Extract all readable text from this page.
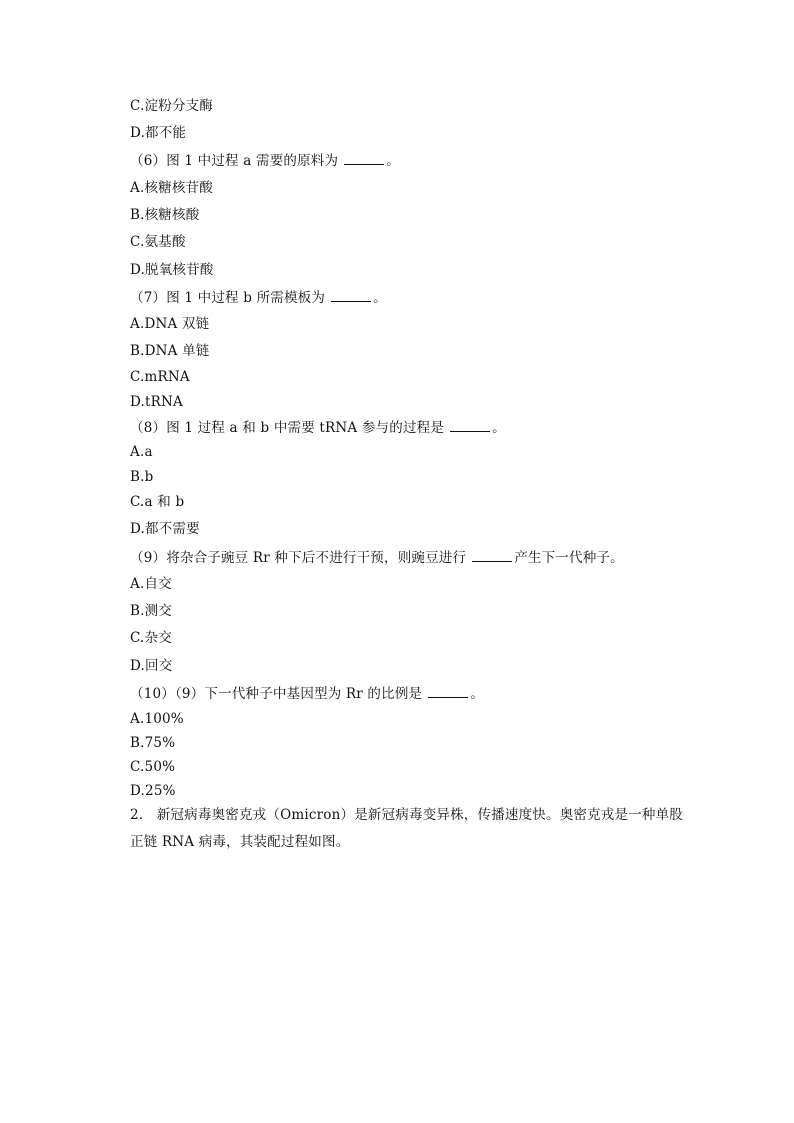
C.淀粉分支酶
D.都不能
（6）图 1 中过程 a 需要的原料为	。
A.核糖核苷酸
B.核糖核酸
C.氨基酸
D.脱氧核苷酸
（7）图 1 中过程 b 所需模板为	。
A.DNA 双链
B.DNA 单链
C.mRNA
D.tRNA
（8）图 1 过程 a 和 b 中需要 tRNA 参与的过程是	。
A.a
B.b
C.a 和 b
D.都不需要
（9）将杂合子豌豆 Rr 种下后不进行干预，则豌豆进行	产生下一代种子。
A.自交
B.测交
C.杂交
D.回交
（10）（9）下一代种子中基因型为 Rr 的比例是	。
A.100%
B.75%
C.50%
D.25%
2. 新冠病毒奥密克戎（Omicron）是新冠病毒变异株，传播速度快。奥密克戎是一种单股正链 RNA 病毒，其装配过程如图。
